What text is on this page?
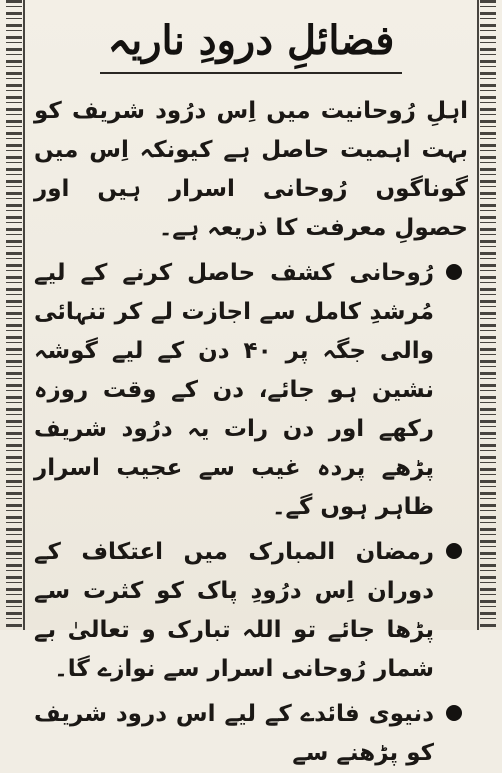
فضائلِ درودِ ناریہ

اہلِ رُوحانیت میں اِس درُود شریف کو بہت اہمیت حاصل ہے کیونکہ اِس میں گوناگوں رُوحانی اسرار ہیں اور حصولِ معرفت کا ذریعہ ہے۔

رُوحانی کشف حاصل کرنے کے لیے مُرشدِ کامل سے اجازت لے کر تنہائی والی جگہ پر ۴۰ دن کے لیے گوشہ نشین ہو جائے، دن کے وقت روزہ رکھے اور دن رات یہ درُود شریف پڑھے پردہ غیب سے عجیب اسرار ظاہر ہوں گے۔
رمضان المبارک میں اعتکاف کے دوران اِس درُودِ پاک کو کثرت سے پڑھا جائے تو اللہ تبارک و تعالیٰ بے شمار رُوحانی اسرار سے نوازے گا۔
دنیوی فائدے کے لیے اس درود شریف کو پڑھنے سے
